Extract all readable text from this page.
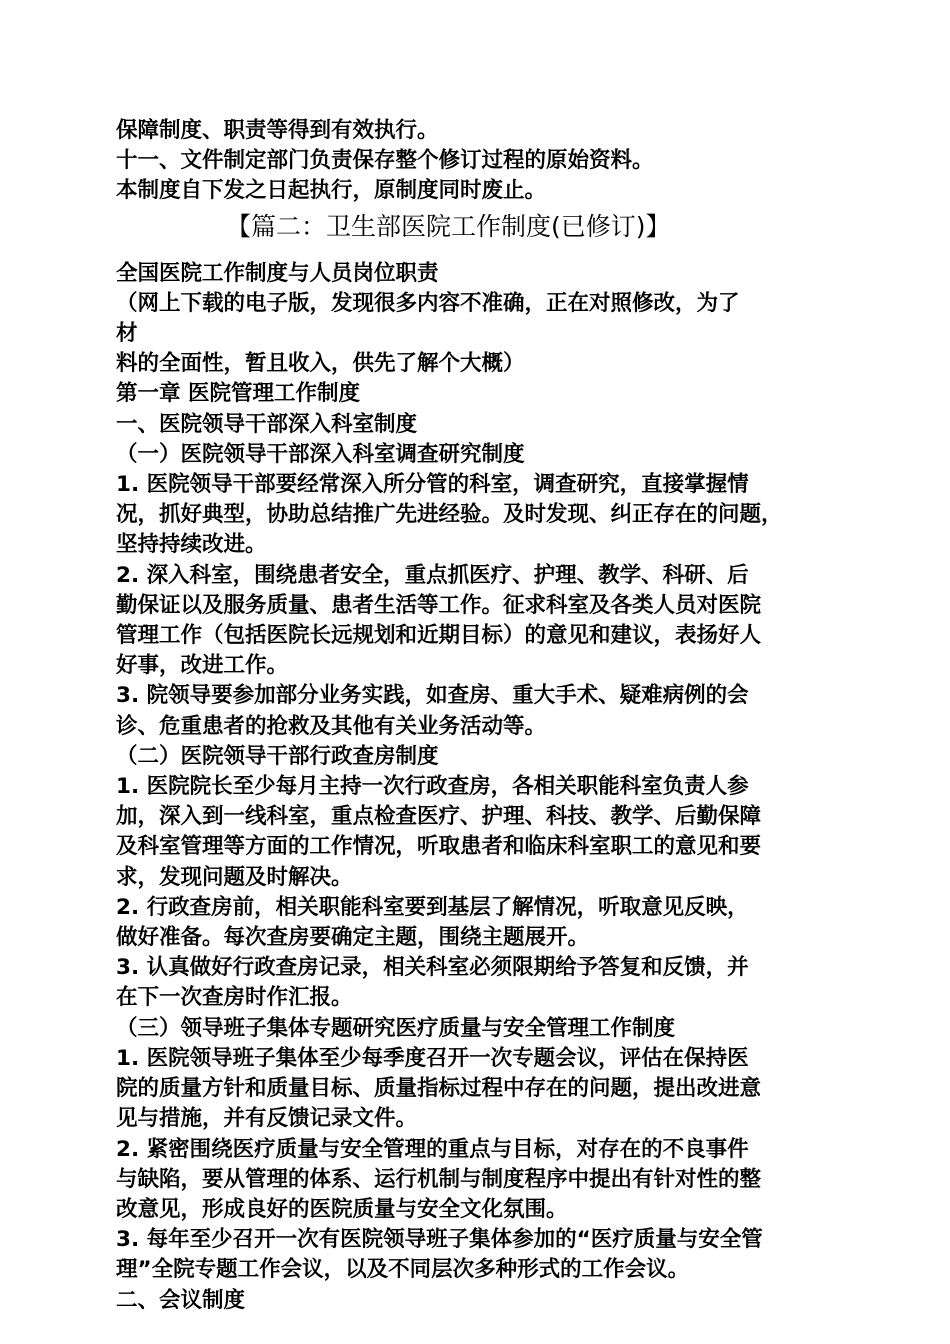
保障制度、职责等得到有效执行。
十一、文件制定部门负责保存整个修订过程的原始资料。
本制度自下发之日起执行，原制度同时废止。
【篇二：卫生部医院工作制度(已修订)】
全国医院工作制度与人员岗位职责
（网上下载的电子版，发现很多内容不准确，正在对照修改，为了
材
料的全面性，暂且收入，供先了解个大概）
第一章 医院管理工作制度
一、医院领导干部深入科室制度
（一）医院领导干部深入科室调查研究制度
1. 医院领导干部要经常深入所分管的科室，调查研究，直接掌握情
况，抓好典型，协助总结推广先进经验。及时发现、纠正存在的问题，
坚持持续改进。
2. 深入科室，围绕患者安全，重点抓医疗、护理、教学、科研、后
勤保证以及服务质量、患者生活等工作。征求科室及各类人员对医院
管理工作（包括医院长远规划和近期目标）的意见和建议，表扬好人
好事，改进工作。
3. 院领导要参加部分业务实践，如查房、重大手术、疑难病例的会
诊、危重患者的抢救及其他有关业务活动等。
（二）医院领导干部行政查房制度
1. 医院院长至少每月主持一次行政查房，各相关职能科室负责人参
加，深入到一线科室，重点检查医疗、护理、科技、教学、后勤保障
及科室管理等方面的工作情况，听取患者和临床科室职工的意见和要
求，发现问题及时解决。
2. 行政查房前，相关职能科室要到基层了解情况，听取意见反映，
做好准备。每次查房要确定主题，围绕主题展开。
3. 认真做好行政查房记录，相关科室必须限期给予答复和反馈，并
在下一次查房时作汇报。
（三）领导班子集体专题研究医疗质量与安全管理工作制度
1. 医院领导班子集体至少每季度召开一次专题会议，评估在保持医
院的质量方针和质量目标、质量指标过程中存在的问题，提出改进意
见与措施，并有反馈记录文件。
2. 紧密围绕医疗质量与安全管理的重点与目标，对存在的不良事件
与缺陷，要从管理的体系、运行机制与制度程序中提出有针对性的整
改意见，形成良好的医院质量与安全文化氛围。
3. 每年至少召开一次有医院领导班子集体参加的“医疗质量与安全管
理”全院专题工作会议，以及不同层次多种形式的工作会议。
二、会议制度
